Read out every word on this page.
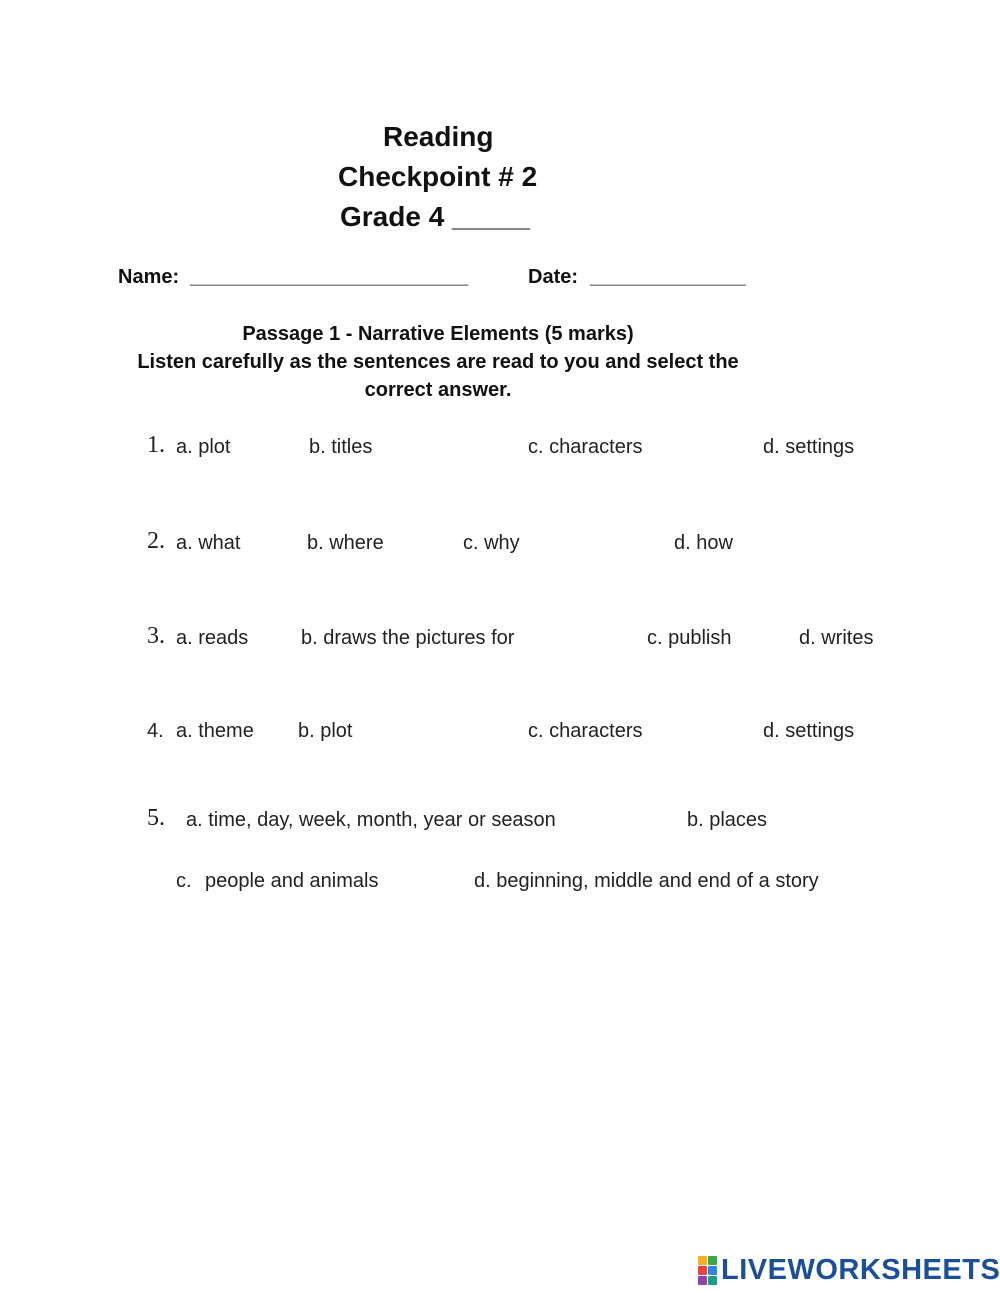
Reading
Checkpoint # 2
Grade 4 _____
Name: _________________________	Date: ______________
Passage 1 - Narrative Elements (5 marks)
Listen carefully as the sentences are read to you and select the
correct answer.
1. a. plot	b. titles	c. characters	d. settings
2. a. what	b. where	c. why	d. how
3. a. reads	b. draws the pictures for	c. publish	d. writes
4. a. theme b. plot	c. characters	d. settings
5. a. time, day, week, month, year or season	b. places
c. people and animals	d. beginning, middle and end of a story
LIVEWORKSHEETS
